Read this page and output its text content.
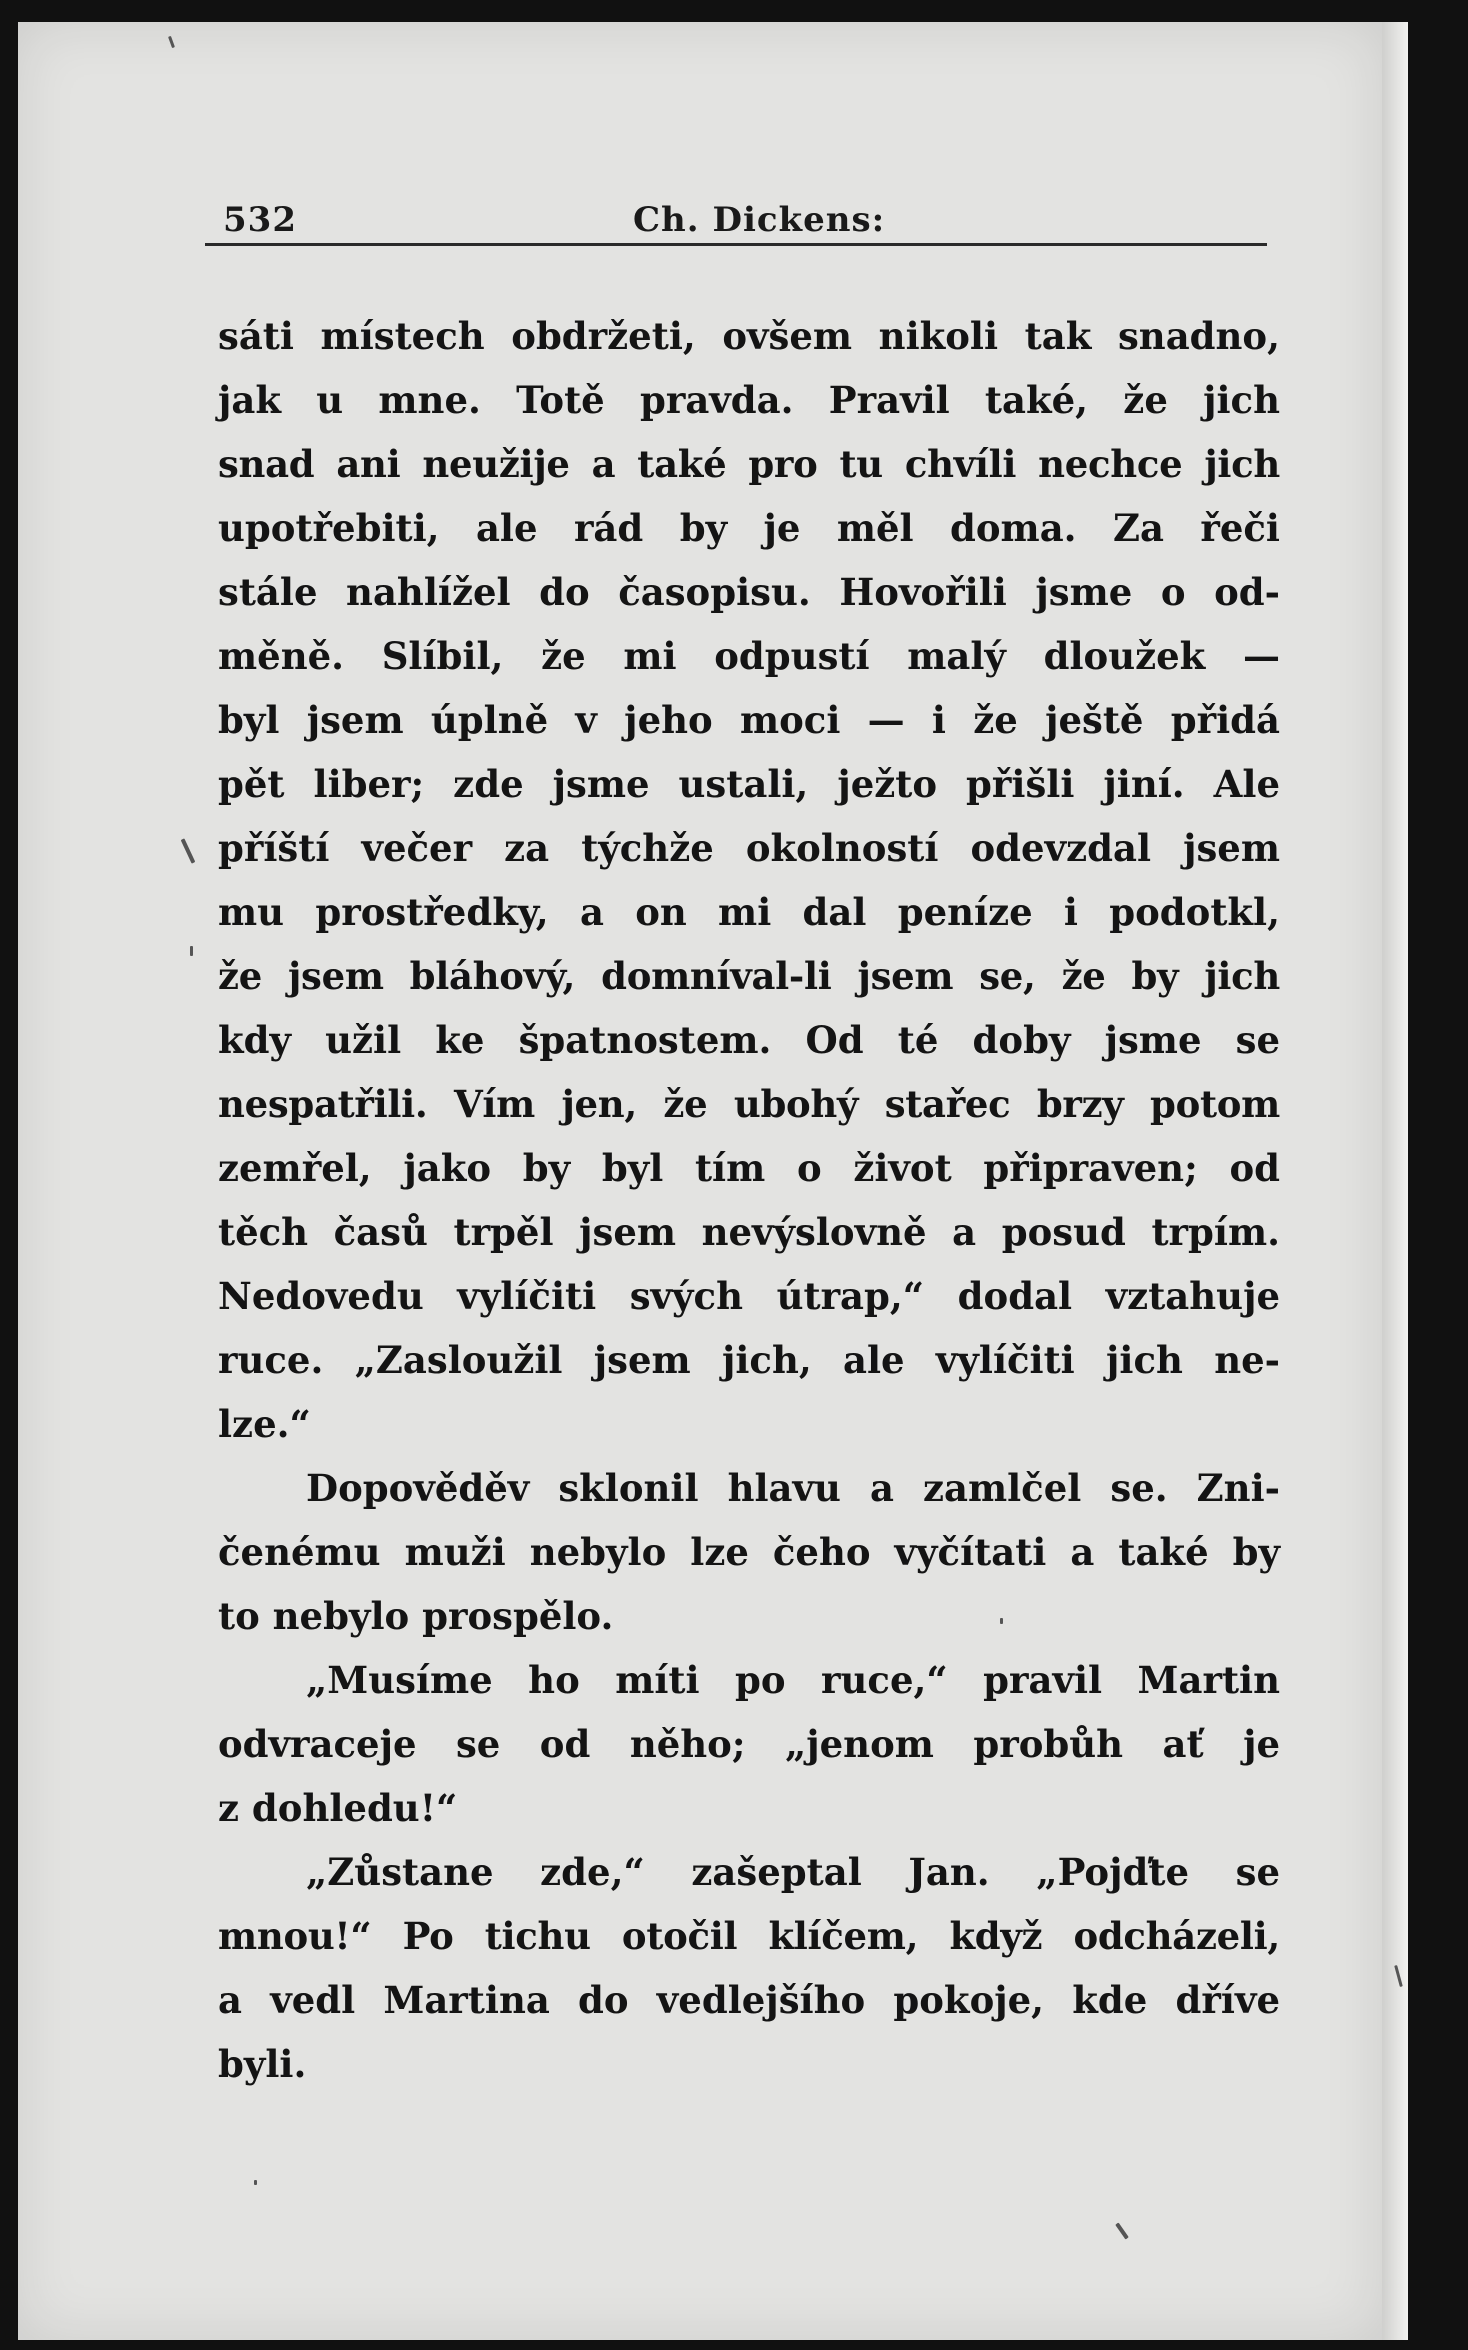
532	Ch. Dickens:
sáti místech obdržeti, ovšem nikoli tak snadno,
jak u mne. Totě pravda. Pravil také, že jich
snad ani neužije a také pro tu chvíli nechce jich
upotřebiti, ale rád by je měl doma. Za řeči
stále nahlížel do časopisu. Hovořili jsme o od-
měně. Slíbil, že mi odpustí malý dloužek —
byl jsem úplně v jeho moci — i že ještě přidá
pět liber; zde jsme ustali, ježto přišli jiní. Ale
příští večer za týchže okolností odevzdal jsem
mu prostředky, a on mi dal peníze i podotkl,
že jsem bláhový, domníval-li jsem se, že by jich
kdy užil ke špatnostem. Od té doby jsme se
nespatřili. Vím jen, že ubohý stařec brzy potom
zemřel, jako by byl tím o život připraven; od
těch časů trpěl jsem nevýslovně a posud trpím.
Nedovedu vylíčiti svých útrap,“ dodal vztahuje
ruce. „Zasloužil jsem jich, ale vylíčiti jich ne-
lze.“
Dopověděv sklonil hlavu a zamlčel se. Zni-
čenému muži nebylo lze čeho vyčítati a také by
to nebylo prospělo.
„Musíme ho míti po ruce,“ pravil Martin
odvraceje se od něho; „jenom probůh ať je
z dohledu!“
„Zůstane zde,“ zašeptal Jan. „Pojďte se
mnou!“ Po tichu otočil klíčem, když odcházeli,
a vedl Martina do vedlejšího pokoje, kde dříve
byli.
